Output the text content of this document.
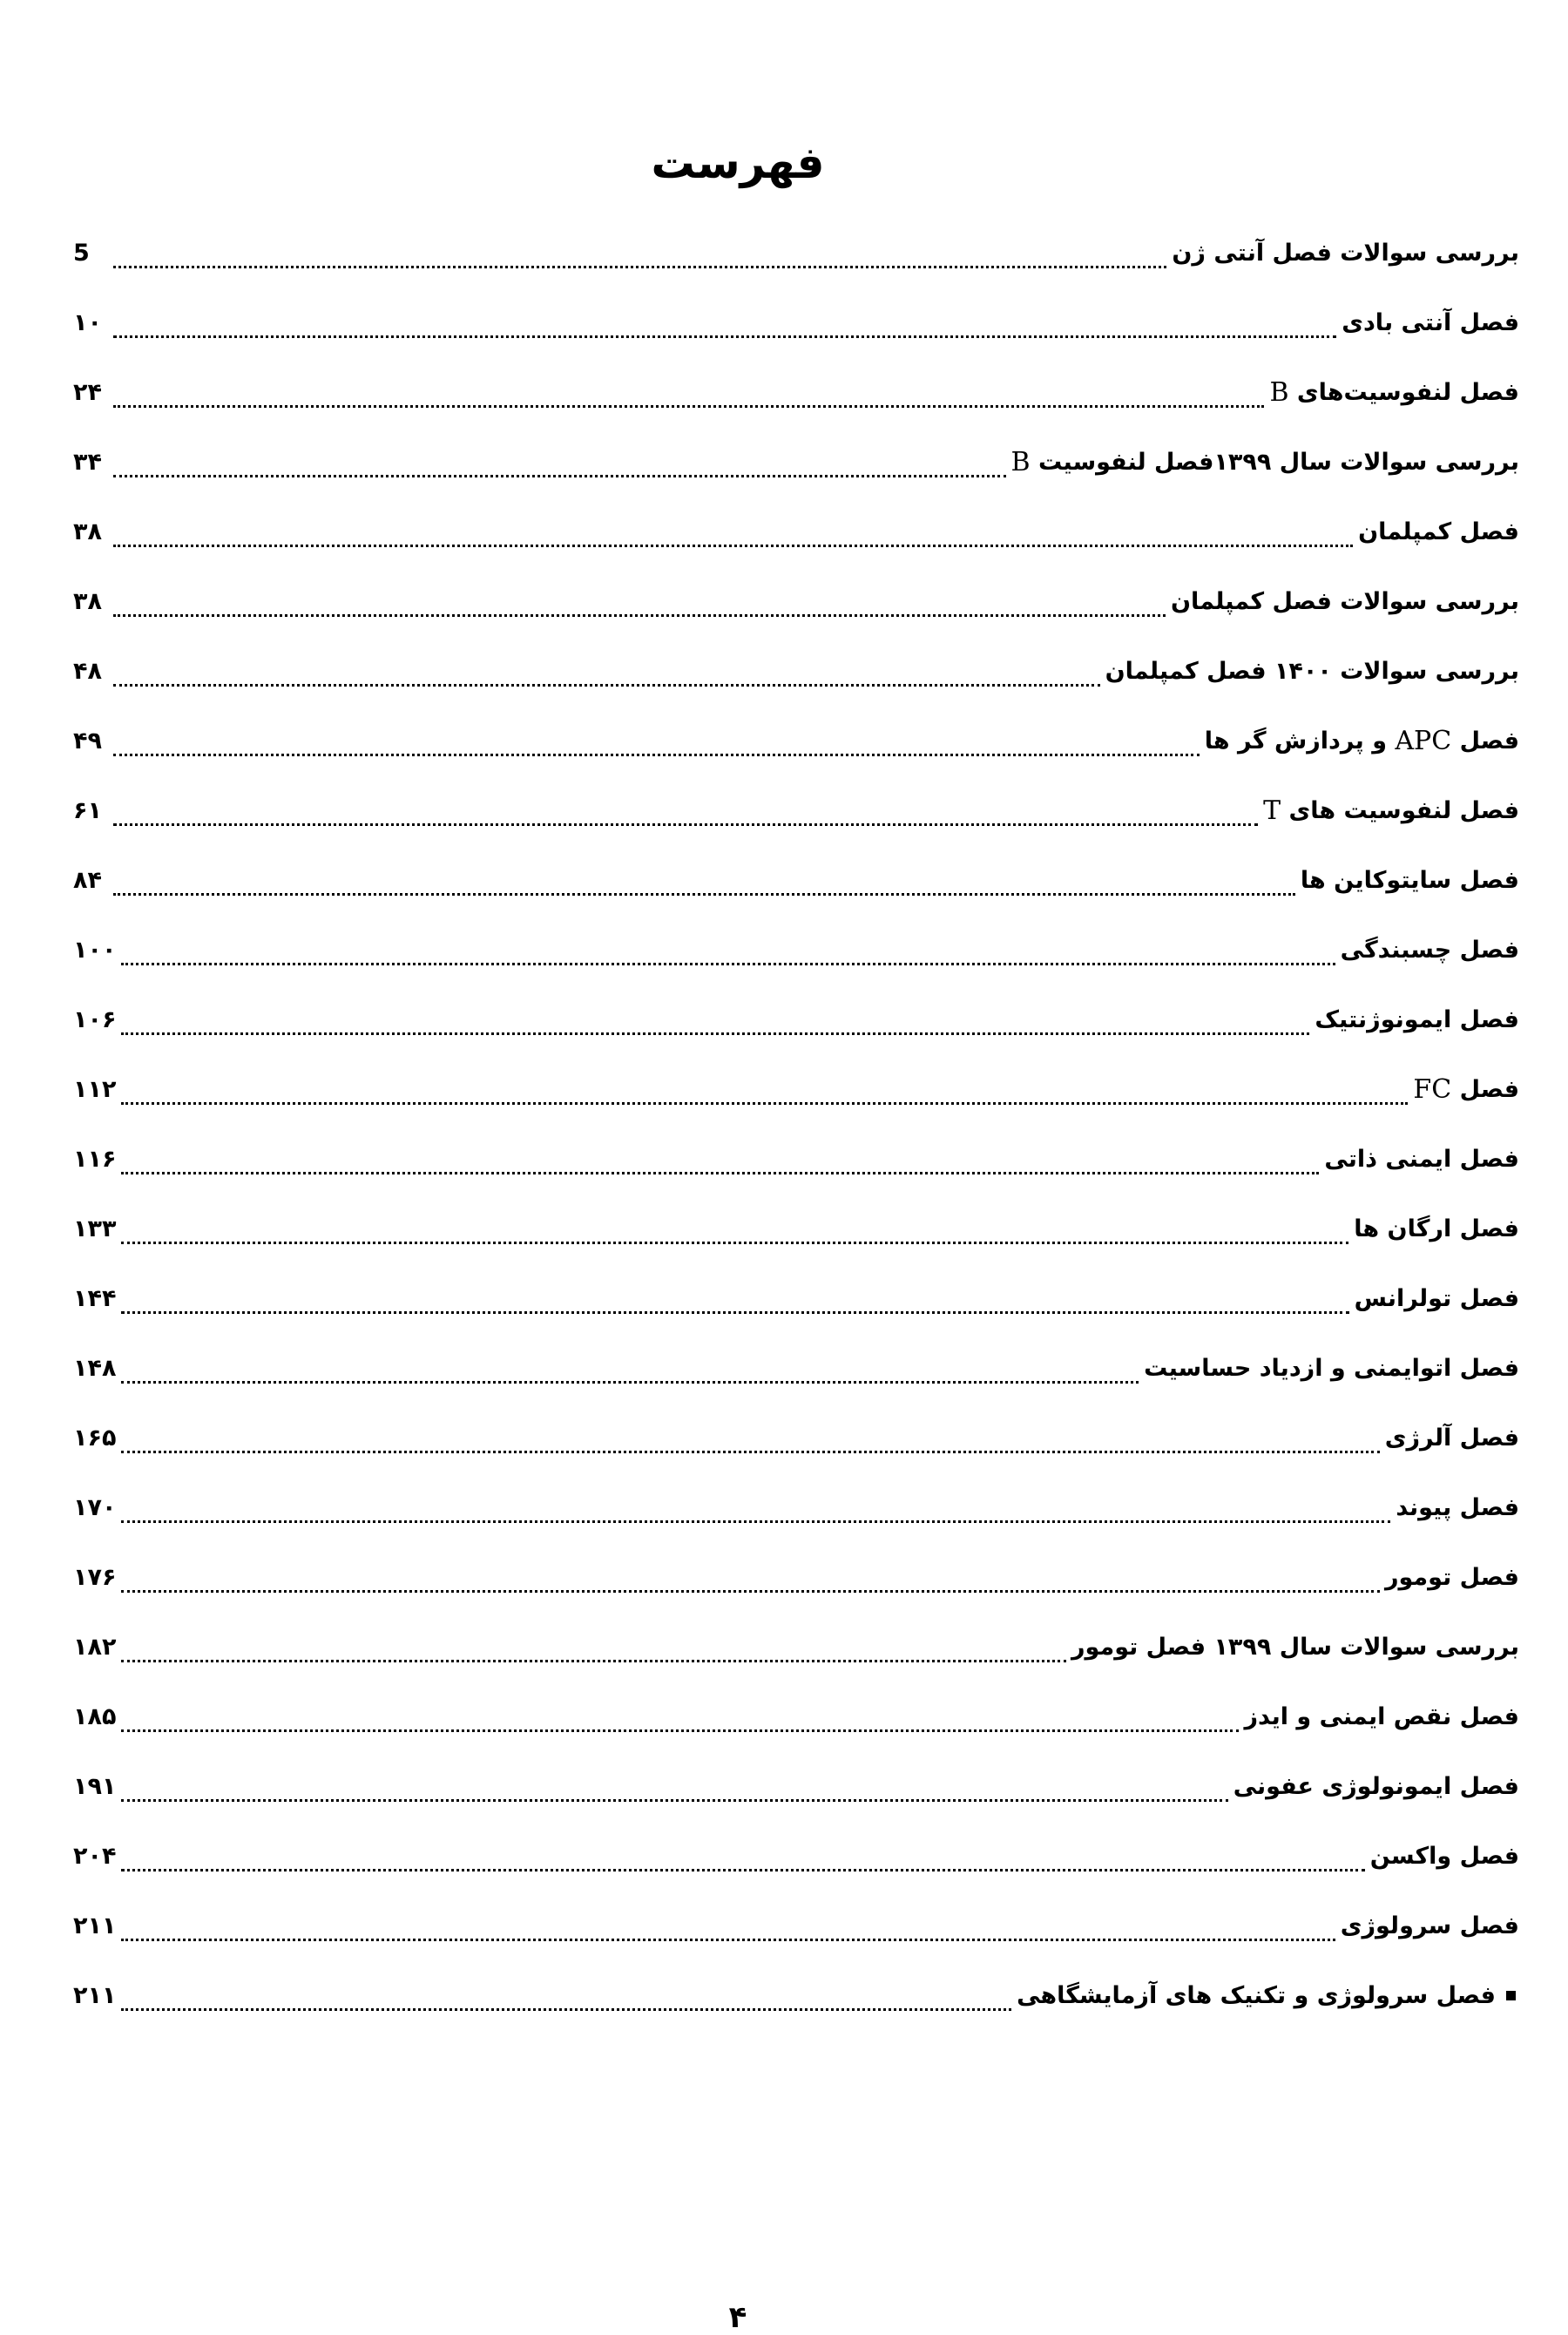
فهرست
بررسی سوالات فصل آنتی ژن
5
فصل آنتی بادی
۱۰
فصل لنفوسیت‌های

B
۲۴
بررسی سوالات سال ۱۳۹۹فصل لنفوسیت

B
۳۴
فصل کمپلمان
۳۸
بررسی سوالات فصل کمپلمان
۳۸
بررسی سوالات ۱۴۰۰ فصل کمپلمان
۴۸
فصل

APC

و پردازش گر ها
۴۹
فصل لنفوسیت های

T
۶۱
فصل سایتوکاین ها
۸۴
فصل چسبندگی
۱۰۰
فصل ایمونوژنتیک
۱۰۶
فصل

FC
۱۱۲
فصل ایمنی ذاتی
۱۱۶
فصل ارگان ها
۱۳۳
فصل تولرانس
۱۴۴
فصل اتوایمنی و ازدیاد حساسیت
۱۴۸
فصل آلرژی
۱۶۵
فصل پیوند
۱۷۰
فصل تومور
۱۷۶
بررسی سوالات سال ۱۳۹۹ فصل تومور
۱۸۲
فصل نقص ایمنی و ایدز
۱۸۵
فصل ایمونولوژی عفونی
۱۹۱
فصل واکسن
۲۰۴
فصل سرولوژی
۲۱۱
فصل سرولوژی و تکنیک های آزمایشگاهی
۲۱۱
۴
